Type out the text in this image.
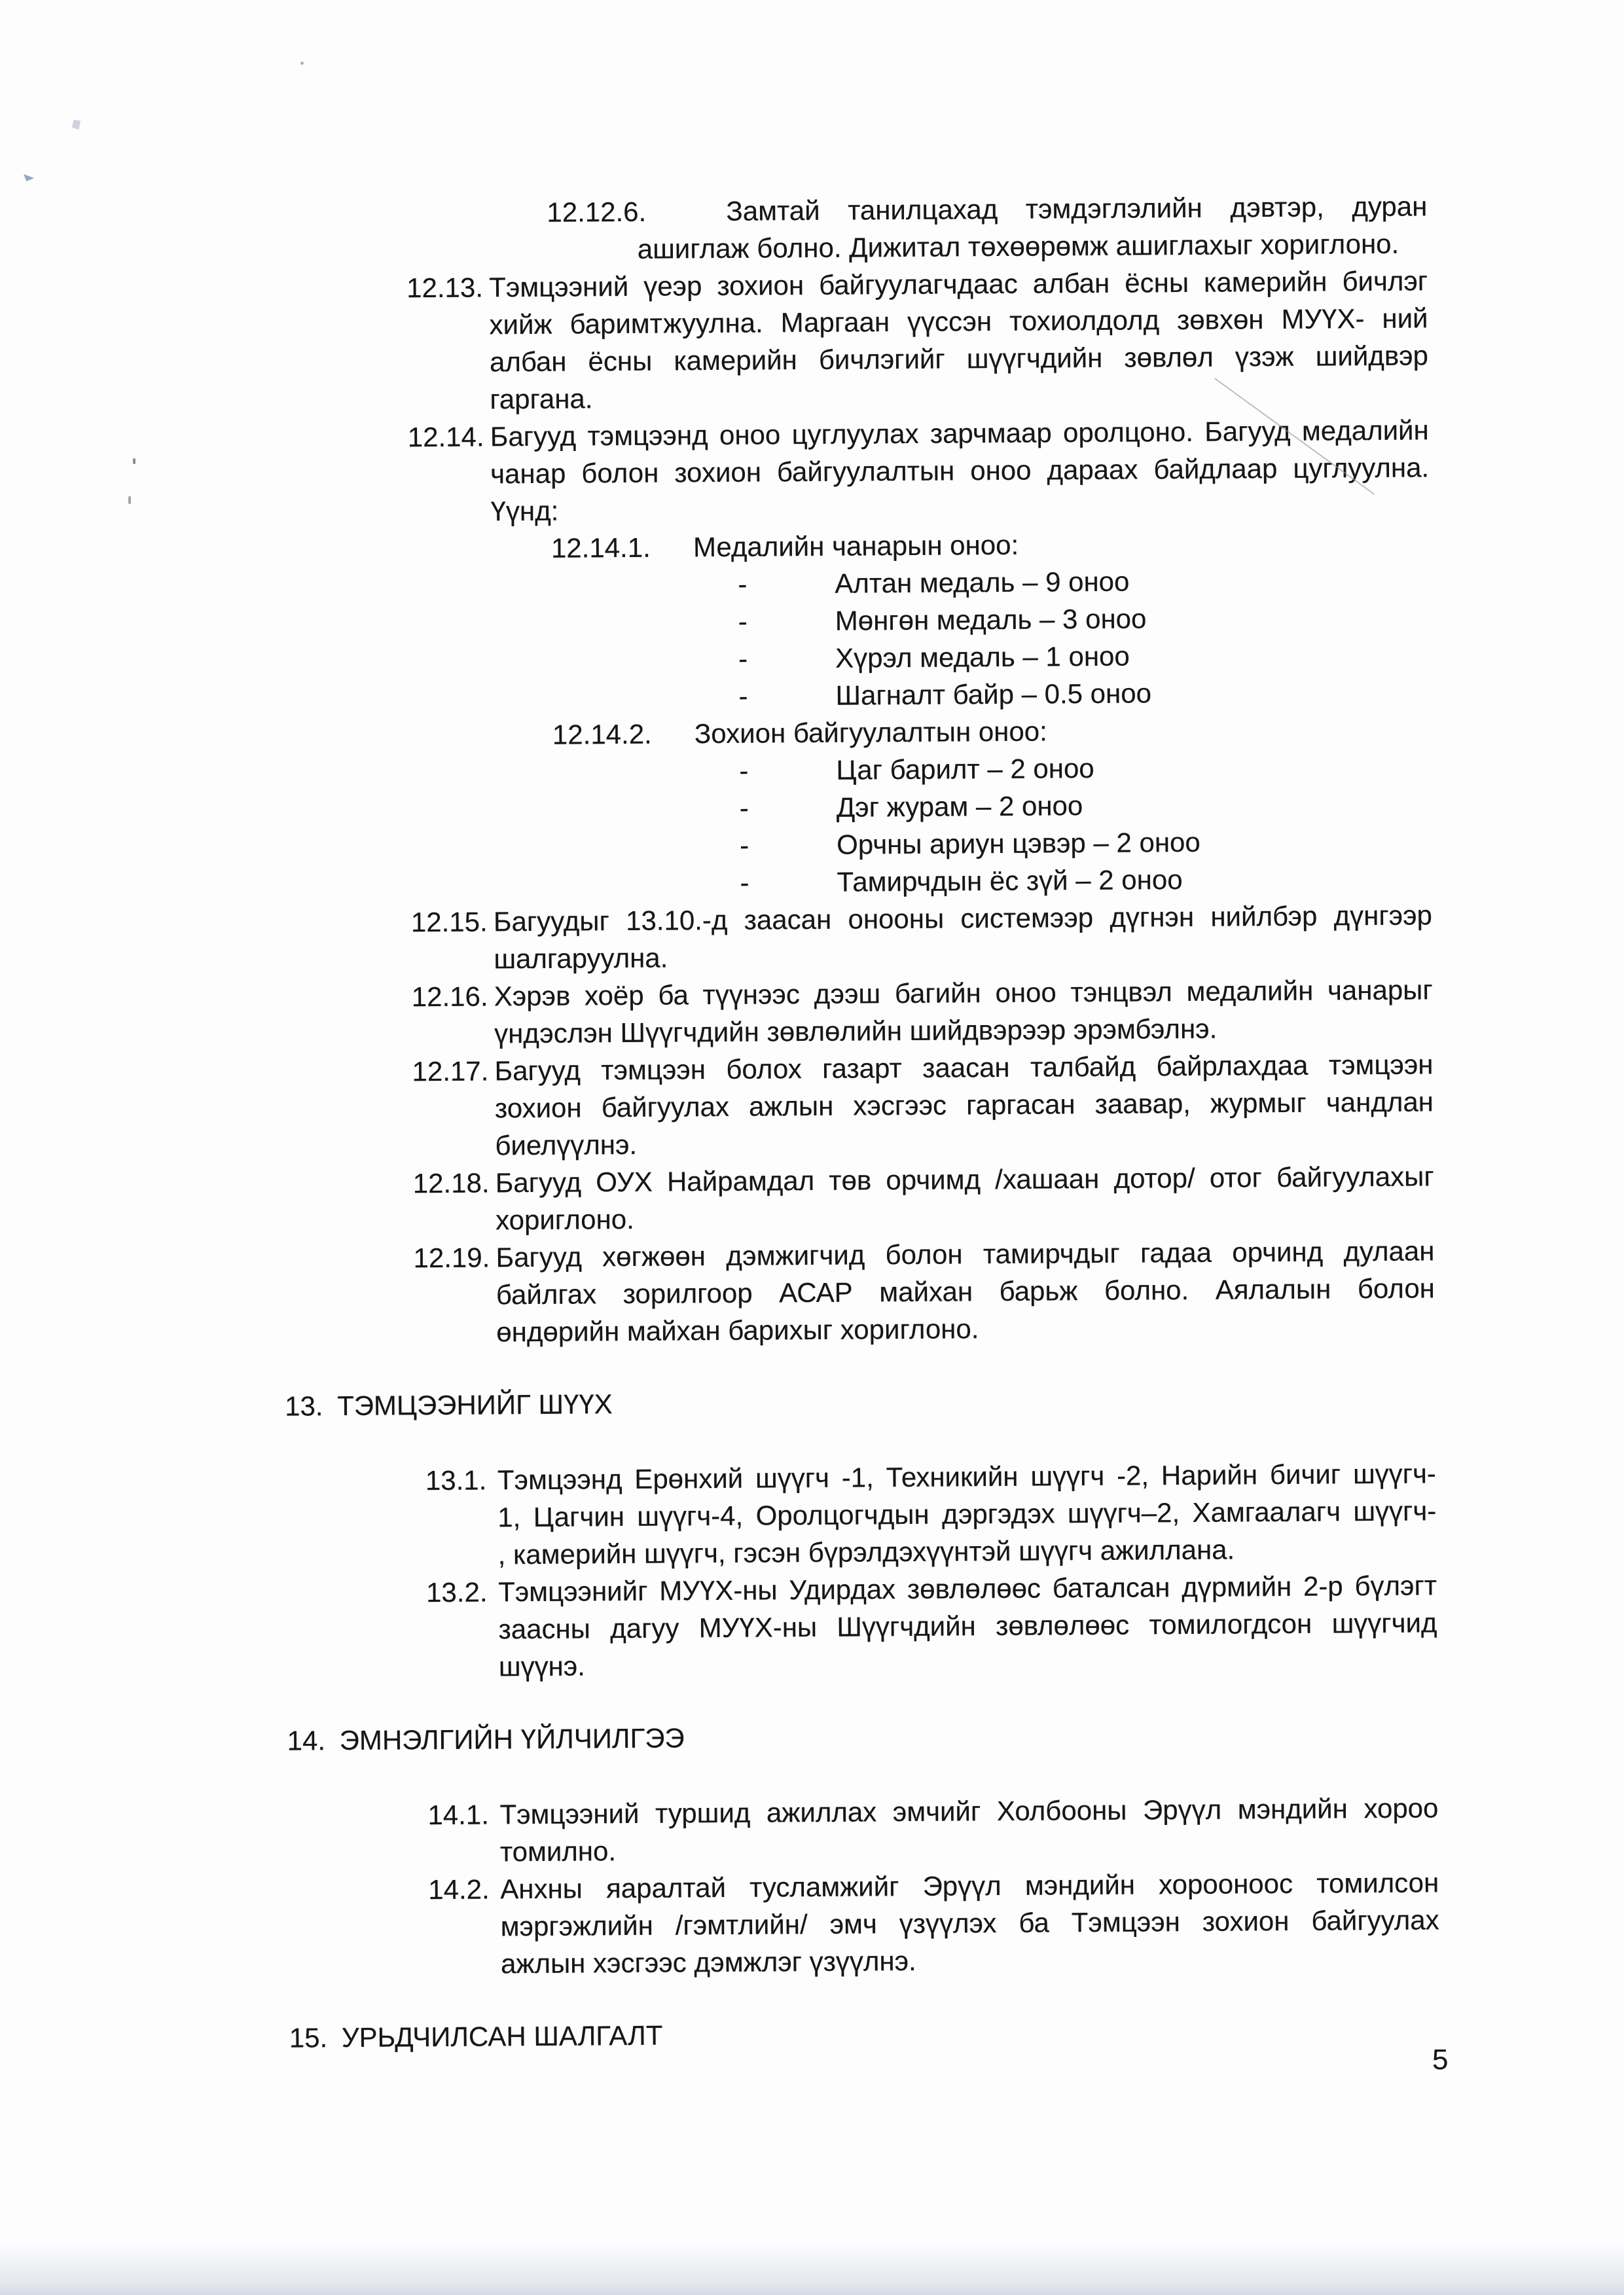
12.12.6.	Замтай танилцахад тэмдэглэлийн дэвтэр, дуран
ашиглаж болно. Дижитал төхөөрөмж ашиглахыг хориглоно.
12.13. Тэмцээний үеэр зохион байгуулагчдаас албан ёсны камерийн бичлэг
хийж баримтжуулна. Маргаан үүссэн тохиолдолд зөвхөн МУҮХ- ний
албан ёсны камерийн бичлэгийг шүүгчдийн зөвлөл үзэж шийдвэр
гаргана.
12.14. Багууд тэмцээнд оноо цуглуулах зарчмаар оролцоно. Багууд медалийн
чанар болон зохион байгуулалтын оноо дараах байдлаар цуглуулна.
Үүнд:
12.14.1.	Медалийн чанарын оноо:
-	Алтан медаль – 9 оноо
-	Мөнгөн медаль – 3 оноо
-	Хүрэл медаль – 1 оноо
-	Шагналт байр – 0.5 оноо
12.14.2.	Зохион байгуулалтын оноо:
-	Цаг барилт – 2 оноо
-	Дэг журам – 2 оноо
-	Орчны ариун цэвэр – 2 оноо
-	Тамирчдын ёс зүй – 2 оноо
12.15. Багуудыг 13.10.-д заасан онооны системээр дүгнэн нийлбэр дүнгээр
шалгаруулна.
12.16. Хэрэв хоёр ба түүнээс дээш багийн оноо тэнцвэл медалийн чанарыг
үндэслэн Шүүгчдийн зөвлөлийн шийдвэрээр эрэмбэлнэ.
12.17. Багууд тэмцээн болох газарт заасан талбайд байрлахдаа тэмцээн
зохион байгуулах ажлын хэсгээс гаргасан заавар, журмыг чандлан
биелүүлнэ.
12.18. Багууд ОУХ Найрамдал төв орчимд /хашаан дотор/ отог байгуулахыг
хориглоно.
12.19. Багууд хөгжөөн дэмжигчид болон тамирчдыг гадаа орчинд дулаан
байлгах зорилгоор АСАР майхан барьж болно. Аялалын болон
өндөрийн майхан барихыг хориглоно.
13. ТЭМЦЭЭНИЙГ ШҮҮХ
13.1. Тэмцээнд Ерөнхий шүүгч -1, Техникийн шүүгч -2, Нарийн бичиг шүүгч-
1, Цагчин шүүгч-4, Оролцогчдын дэргэдэх шүүгч–2, Хамгаалагч шүүгч-
, камерийн шүүгч, гэсэн бүрэлдэхүүнтэй шүүгч ажиллана.
13.2. Тэмцээнийг МУҮХ-ны Удирдах зөвлөлөөс баталсан дүрмийн 2-р бүлэгт
заасны дагуу МУҮХ-ны Шүүгчдийн зөвлөлөөс томилогдсон шүүгчид
шүүнэ.
14. ЭМНЭЛГИЙН ҮЙЛЧИЛГЭЭ
14.1. Тэмцээний туршид ажиллах эмчийг Холбооны Эрүүл мэндийн хороо
томилно.
14.2. Анхны яаралтай тусламжийг Эрүүл мэндийн хорооноос томилсон
мэргэжлийн /гэмтлийн/ эмч үзүүлэх ба Тэмцээн зохион байгуулах
ажлын хэсгээс дэмжлэг үзүүлнэ.
15. УРЬДЧИЛСАН ШАЛГАЛТ
5
